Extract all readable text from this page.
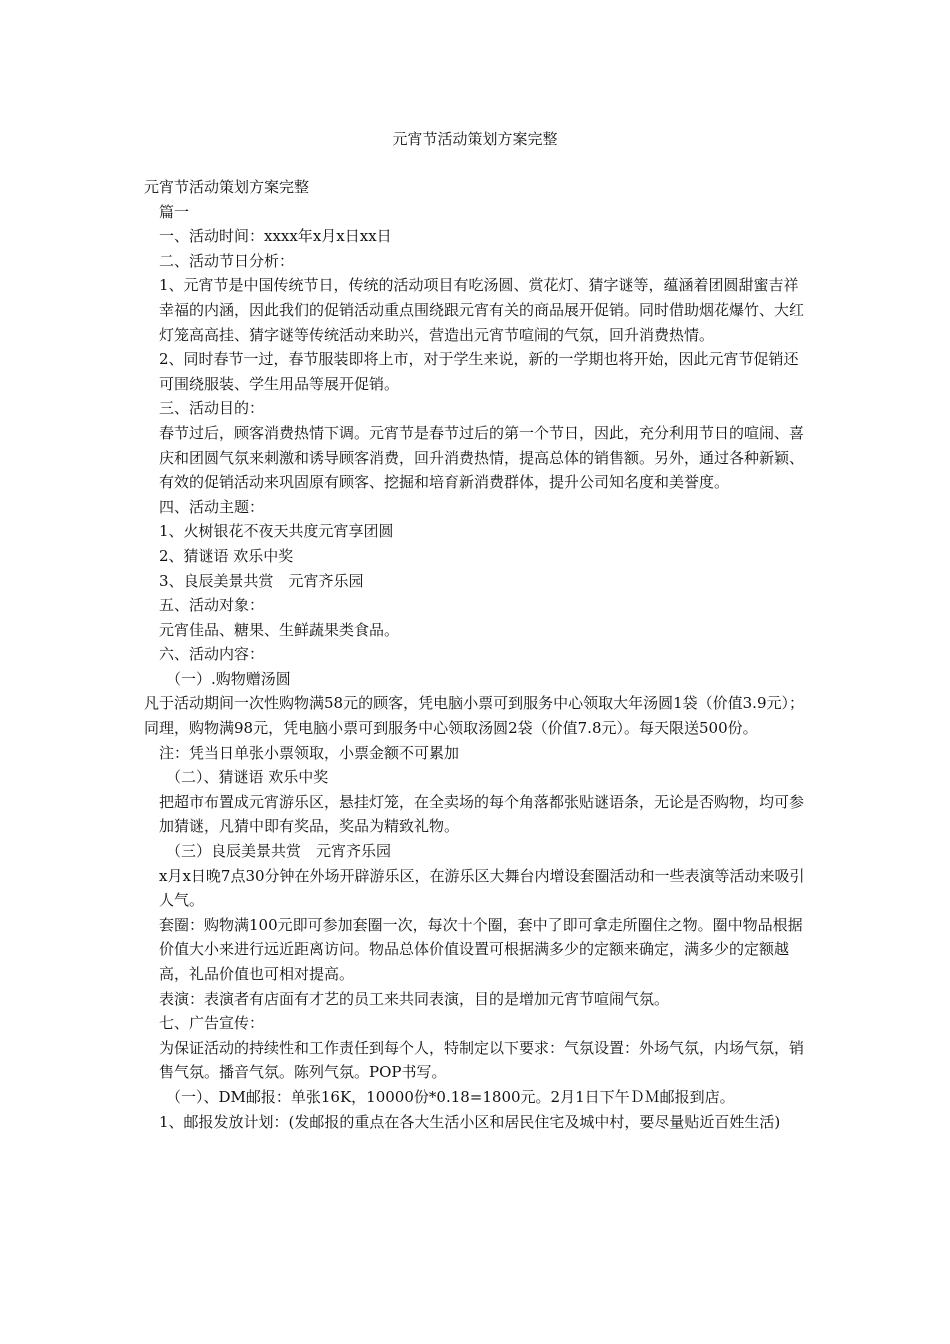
元宵节活动策划方案完整

元宵节活动策划方案完整

篇一

一、活动时间：xxxx年x月x日xx日

二、活动节日分析：

1、元宵节是中国传统节日，传统的活动项目有吃汤圆、赏花灯、猜字谜等，蕴涵着团圆甜蜜吉祥幸福的内涵，因此我们的促销活动重点围绕跟元宵有关的商品展开促销。同时借助烟花爆竹、大红灯笼高高挂、猜字谜等传统活动来助兴，营造出元宵节喧闹的气氛，回升消费热情。

2、同时春节一过，春节服装即将上市，对于学生来说，新的一学期也将开始，因此元宵节促销还可围绕服装、学生用品等展开促销。

三、活动目的：

春节过后，顾客消费热情下调。元宵节是春节过后的第一个节日，因此，充分利用节日的喧闹、喜庆和团圆气氛来刺激和诱导顾客消费，回升消费热情，提高总体的销售额。另外，通过各种新颖、有效的促销活动来巩固原有顾客、挖掘和培育新消费群体，提升公司知名度和美誉度。

四、活动主题：

1、火树银花不夜天共度元宵享团圆

2、猜谜语 欢乐中奖

3、良辰美景共赏　元宵齐乐园

五、活动对象：

元宵佳品、糖果、生鲜蔬果类食品。

六、活动内容：

（一）.购物赠汤圆

凡于活动期间一次性购物满58元的顾客，凭电脑小票可到服务中心领取大年汤圆1袋（价值3.9元）；同理，购物满98元，凭电脑小票可到服务中心领取汤圆2袋（价值7.8元）。每天限送500份。

注：凭当日单张小票领取，小票金额不可累加

（二）、猜谜语 欢乐中奖

把超市布置成元宵游乐区，悬挂灯笼，在全卖场的每个角落都张贴谜语条，无论是否购物，均可参加猜谜，凡猜中即有奖品，奖品为精致礼物。

（三）良辰美景共赏　元宵齐乐园

x月x日晚7点30分钟在外场开辟游乐区，在游乐区大舞台内增设套圈活动和一些表演等活动来吸引人气。

套圈：购物满100元即可参加套圈一次，每次十个圈，套中了即可拿走所圈住之物。圈中物品根据价值大小来进行远近距离访问。物品总体价值设置可根据满多少的定额来确定，满多少的定额越高，礼品价值也可相对提高。

表演：表演者有店面有才艺的员工来共同表演，目的是增加元宵节喧闹气氛。

七、广告宣传：

为保证活动的持续性和工作责任到每个人，特制定以下要求：气氛设置：外场气氛，内场气氛，销售气氛。播音气氛。陈列气氛。POP书写。

（一）、DM邮报：单张16K，10000份*0.18=1800元。2月1日下午ＤＭ邮报到店。

1、邮报发放计划：(发邮报的重点在各大生活小区和居民住宅及城中村，要尽量贴近百姓生活)
